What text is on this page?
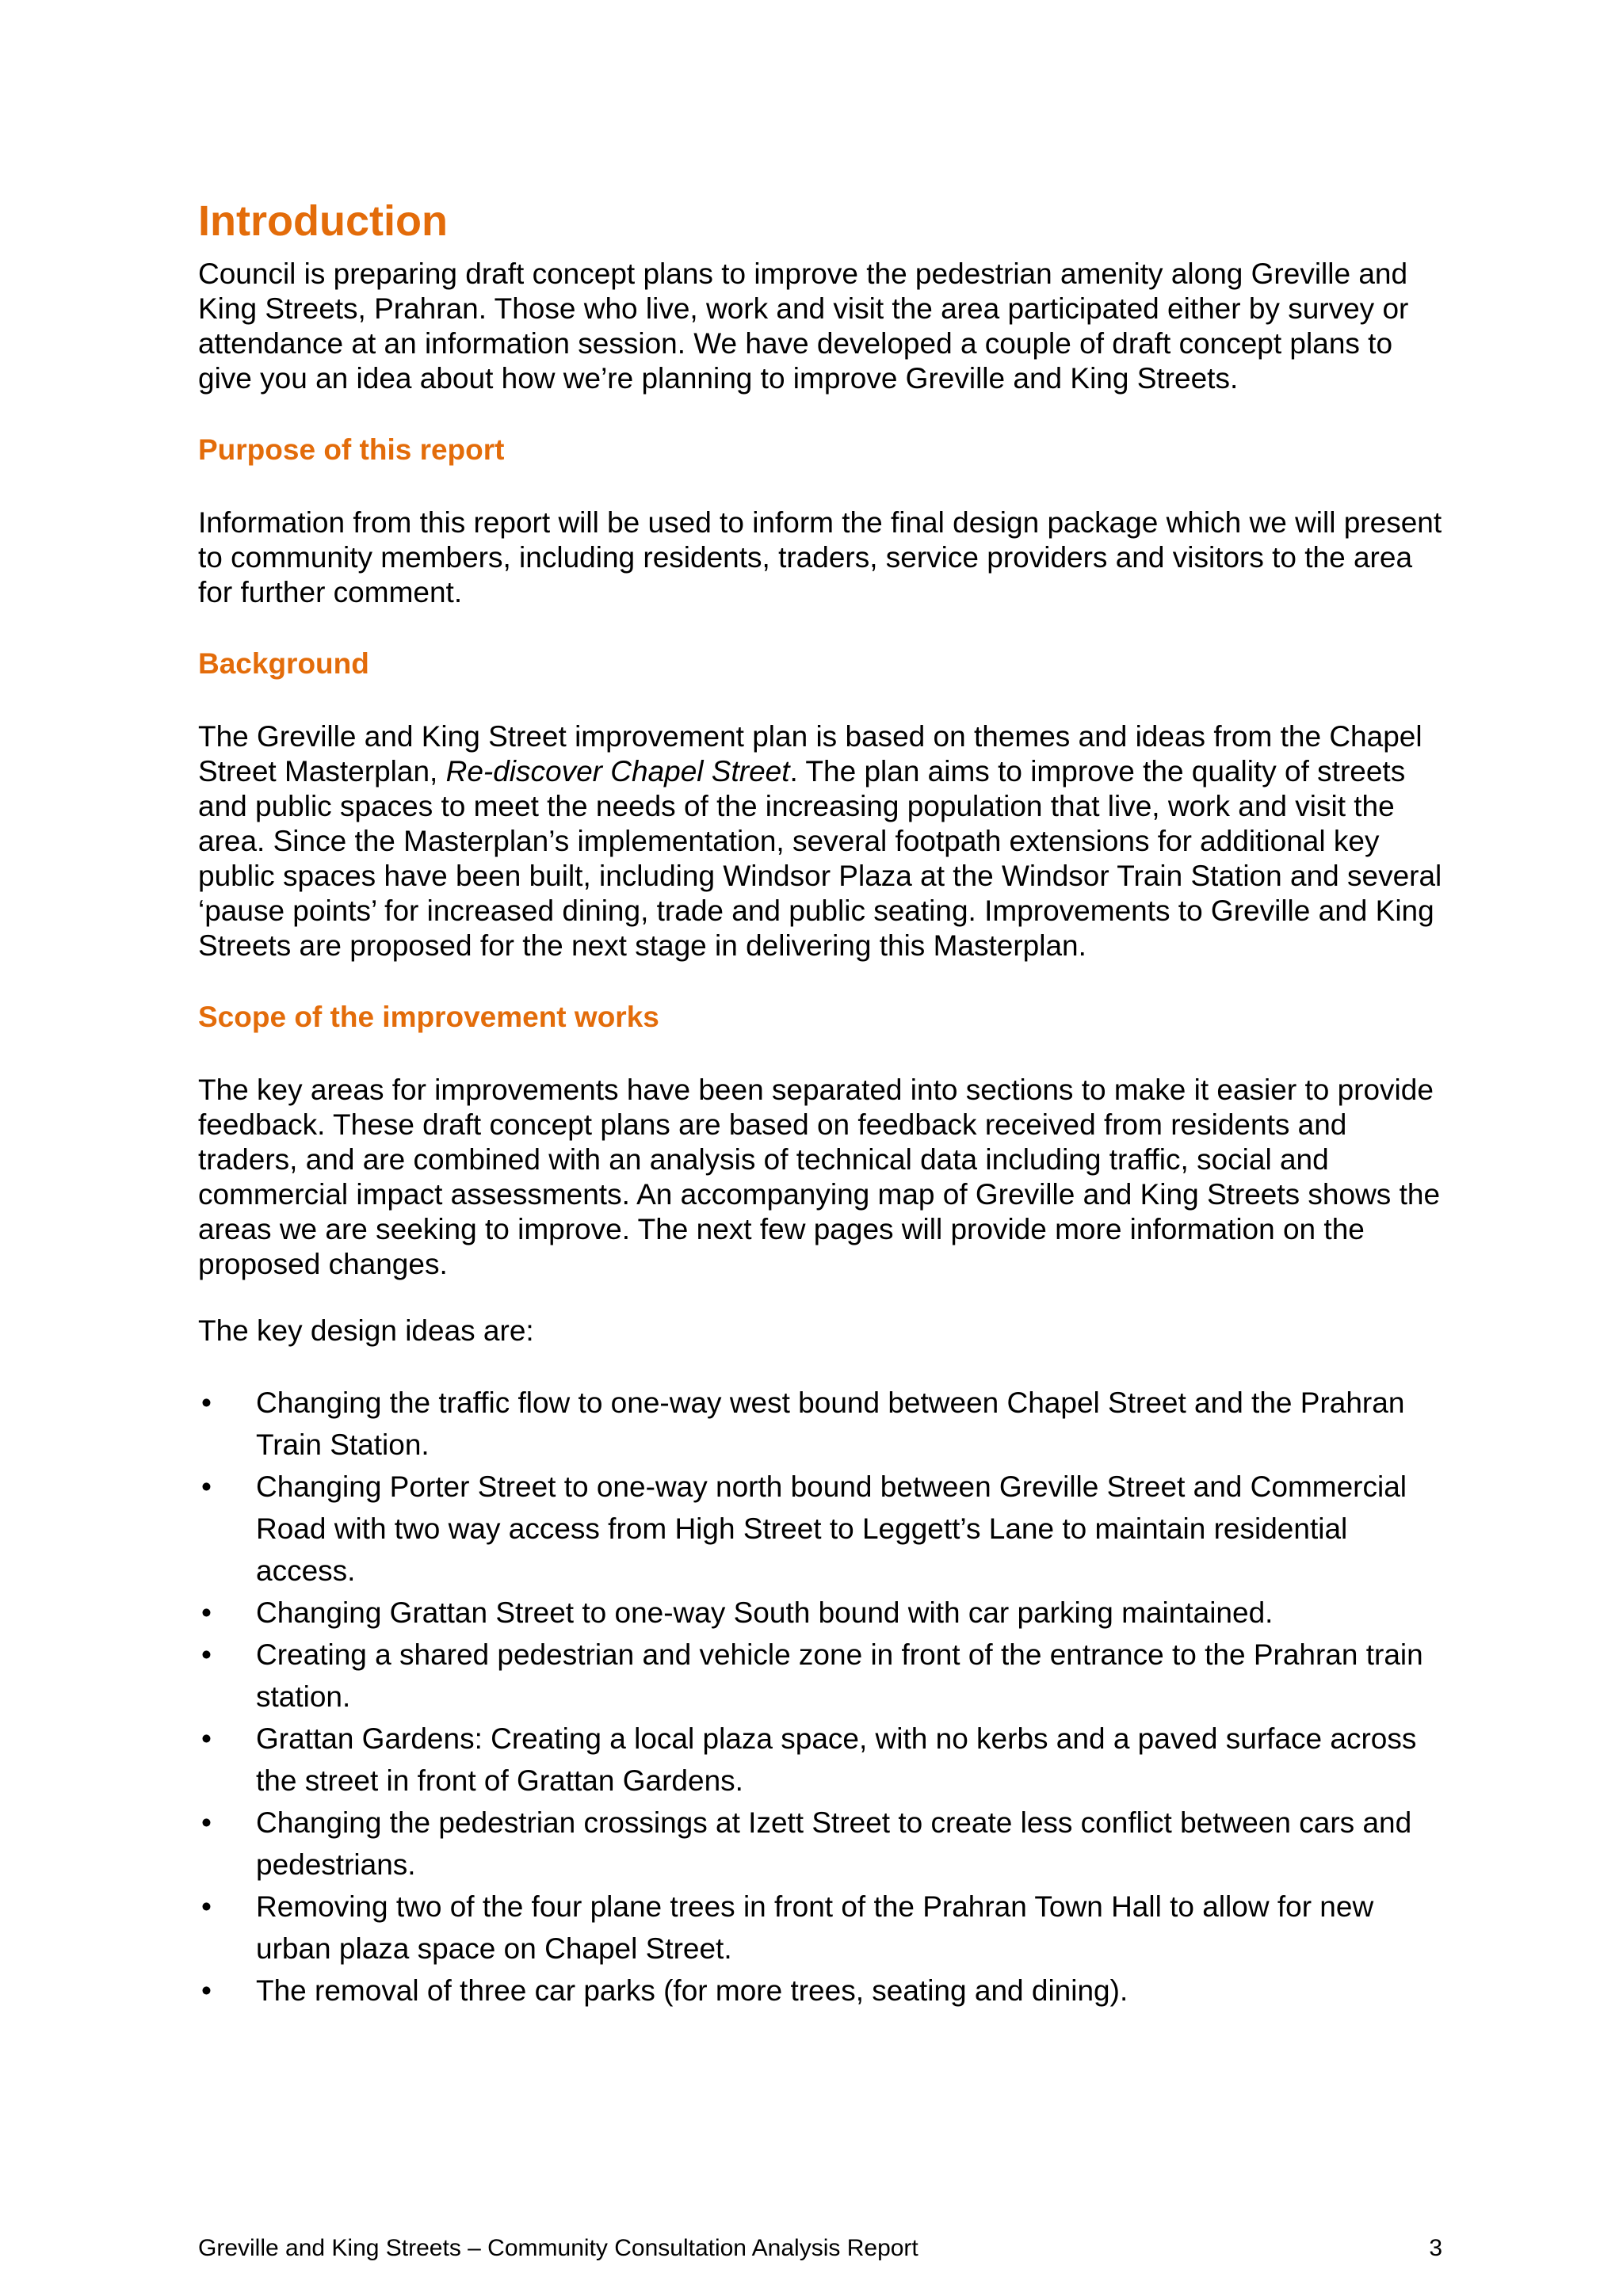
Introduction

Council is preparing draft concept plans to improve the pedestrian amenity along Greville and King Streets, Prahran. Those who live, work and visit the area participated either by survey or attendance at an information session. We have developed a couple of draft concept plans to give you an idea about how we’re planning to improve Greville and King Streets.

Purpose of this report

Information from this report will be used to inform the final design package which we will present to community members, including residents, traders, service providers and visitors to the area for further comment.

Background

The Greville and King Street improvement plan is based on themes and ideas from the Chapel Street Masterplan, Re-discover Chapel Street. The plan aims to improve the quality of streets and public spaces to meet the needs of the increasing population that live, work and visit the area. Since the Masterplan’s implementation, several footpath extensions for additional key public spaces have been built, including Windsor Plaza at the Windsor Train Station and several ‘pause points’ for increased dining, trade and public seating. Improvements to Greville and King Streets are proposed for the next stage in delivering this Masterplan.

Scope of the improvement works

The key areas for improvements have been separated into sections to make it easier to provide feedback. These draft concept plans are based on feedback received from residents and traders, and are combined with an analysis of technical data including traffic, social and commercial impact assessments. An accompanying map of Greville and King Streets shows the areas we are seeking to improve. The next few pages will provide more information on the proposed changes.

The key design ideas are:

• Changing the traffic flow to one-way west bound between Chapel Street and the Prahran Train Station.
• Changing Porter Street to one-way north bound between Greville Street and Commercial Road with two way access from High Street to Leggett’s Lane to maintain residential access.
• Changing Grattan Street to one-way South bound with car parking maintained.
• Creating a shared pedestrian and vehicle zone in front of the entrance to the Prahran train station.
• Grattan Gardens: Creating a local plaza space, with no kerbs and a paved surface across the street in front of Grattan Gardens.
• Changing the pedestrian crossings at Izett Street to create less conflict between cars and pedestrians.
• Removing two of the four plane trees in front of the Prahran Town Hall to allow for new urban plaza space on Chapel Street.
• The removal of three car parks (for more trees, seating and dining).
Greville and King Streets – Community Consultation Analysis Report	3
